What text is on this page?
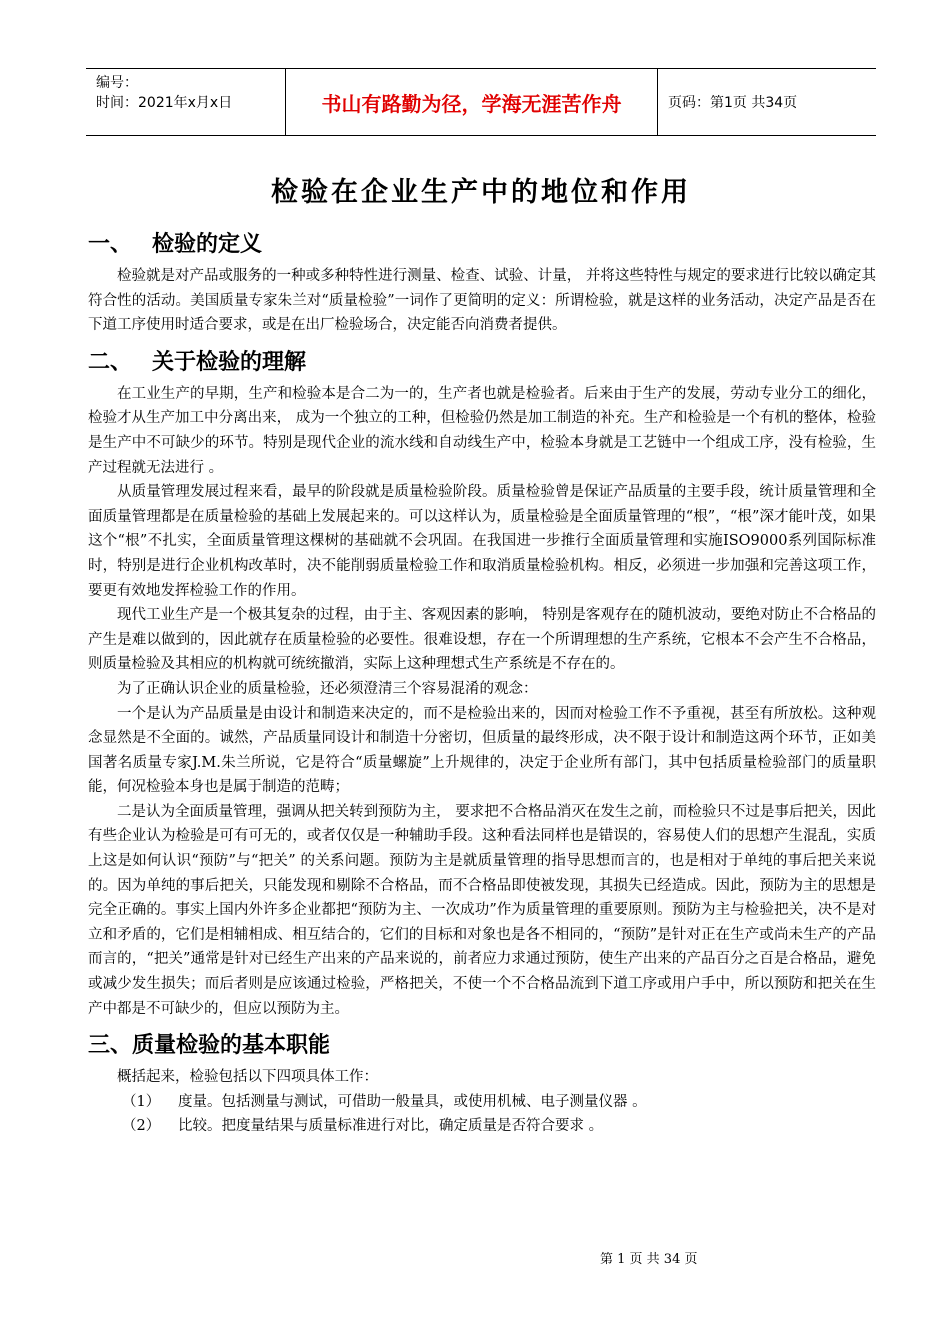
编号：
时间：2021年x月x日	书山有路勤为径，学海无涯苦作舟	页码：第1页 共34页
检验在企业生产中的地位和作用
一、 检验的定义

检验就是对产品或服务的一种或多种特性进行测量、检查、试验、计量， 并将这些特性与规定的要求进行比较以确定其符合性的活动。美国质量专家朱兰对“质量检验”一词作了更简明的定义：所谓检验，就是这样的业务活动，决定产品是否在下道工序使用时适合要求，或是在出厂检验场合，决定能否向消费者提供。

二、 关于检验的理解

在工业生产的早期，生产和检验本是合二为一的，生产者也就是检验者。后来由于生产的发展，劳动专业分工的细化，检验才从生产加工中分离出来， 成为一个独立的工种，但检验仍然是加工制造的补充。生产和检验是一个有机的整体，检验是生产中不可缺少的环节。特别是现代企业的流水线和自动线生产中，检验本身就是工艺链中一个组成工序，没有检验，生产过程就无法进行 。

从质量管理发展过程来看，最早的阶段就是质量检验阶段。质量检验曾是保证产品质量的主要手段，统计质量管理和全面质量管理都是在质量检验的基础上发展起来的。可以这样认为，质量检验是全面质量管理的“根”，“根”深才能叶茂，如果这个“根”不扎实，全面质量管理这棵树的基础就不会巩固。在我国进一步推行全面质量管理和实施ISO9000系列国际标准时，特别是进行企业机构改革时，决不能削弱质量检验工作和取消质量检验机构。相反，必须进一步加强和完善这项工作，要更有效地发挥检验工作的作用。

现代工业生产是一个极其复杂的过程，由于主、客观因素的影响， 特别是客观存在的随机波动，要绝对防止不合格品的产生是难以做到的，因此就存在质量检验的必要性。很难设想，存在一个所谓理想的生产系统，它根本不会产生不合格品，则质量检验及其相应的机构就可统统撤消，实际上这种理想式生产系统是不存在的。

为了正确认识企业的质量检验，还必须澄清三个容易混淆的观念：

一个是认为产品质量是由设计和制造来决定的，而不是检验出来的，因而对检验工作不予重视，甚至有所放松。这种观念显然是不全面的。诚然，产品质量同设计和制造十分密切，但质量的最终形成，决不限于设计和制造这两个环节，正如美国著名质量专家J.M.朱兰所说，它是符合“质量螺旋”上升规律的，决定于企业所有部门，其中包括质量检验部门的质量职能，何况检验本身也是属于制造的范畴；

二是认为全面质量管理，强调从把关转到预防为主， 要求把不合格品消灭在发生之前，而检验只不过是事后把关，因此有些企业认为检验是可有可无的，或者仅仅是一种辅助手段。这种看法同样也是错误的，容易使人们的思想产生混乱，实质上这是如何认识“预防”与“把关” 的关系问题。预防为主是就质量管理的指导思想而言的，也是相对于单纯的事后把关来说的。因为单纯的事后把关，只能发现和剔除不合格品，而不合格品即使被发现，其损失已经造成。因此，预防为主的思想是完全正确的。事实上国内外许多企业都把“预防为主、一次成功”作为质量管理的重要原则。预防为主与检验把关，决不是对立和矛盾的，它们是相辅相成、相互结合的，它们的目标和对象也是各不相同的，“预防”是针对正在生产或尚未生产的产品而言的，“把关”通常是针对已经生产出来的产品来说的，前者应力求通过预防，使生产出来的产品百分之百是合格品，避免或减少发生损失；而后者则是应该通过检验，严格把关，不使一个不合格品流到下道工序或用户手中，所以预防和把关在生产中都是不可缺少的，但应以预防为主。

三、质量检验的基本职能

概括起来，检验包括以下四项具体工作：

（1） 度量。包括测量与测试，可借助一般量具，或使用机械、电子测量仪器 。

（2） 比较。把度量结果与质量标准进行对比，确定质量是否符合要求 。

第 1 页 共 34 页
